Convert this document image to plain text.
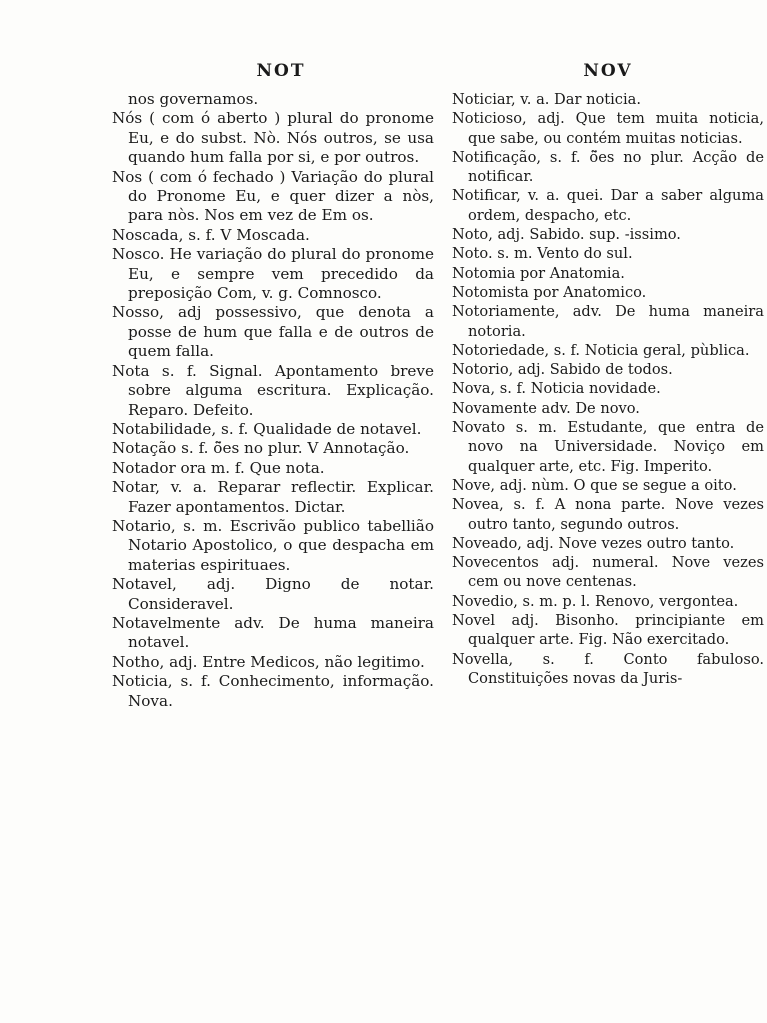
NOT
nos governamos.
Nós ( com ó aberto ) plural do pronome Eu, e do subst. Nò. Nós outros, se usa quando hum falla por si, e por outros.
Nos ( com ó fechado ) Variação do plural do Pronome Eu, e quer dizer a nòs, para nòs. Nos em vez de Em os.
Noscada, s. f. V Moscada.
Nosco. He variação do plural do pronome Eu, e sempre vem precedido da preposição Com, v. g. Comnosco.
Nosso, adj possessivo, que denota a posse de hum que falla e de outros de quem falla.
Nota s. f. Signal. Apontamento breve sobre alguma escritura. Explicação. Reparo. Defeito.
Notabilidade, s. f. Qualidade de notavel.
Notação s. f. õ̃es no plur. V Annotação.
Notador ora m. f. Que nota.
Notar, v. a. Reparar reflectir. Explicar. Fazer apontamentos. Dictar.
Notario, s. m. Escrivão publico tabellião Notario Apostolico, o que despacha em materias espirituaes.
Notavel, adj. Digno de notar. Consideravel.
Notavelmente adv. De huma maneira notavel.
Notho, adj. Entre Medicos, não legitimo.
Noticia, s. f. Conhecimento, informação. Nova.
NOV
Noticiar, v. a. Dar noticia.
Noticioso, adj. Que tem muita noticia, que sabe, ou contém muitas noticias.
Notificação, s. f. õ̃es no plur. Acção de notificar.
Notificar, v. a. quei. Dar a saber alguma ordem, despacho, etc.
Noto, adj. Sabido. sup. -issimo.
Noto. s. m. Vento do sul.
Notomia por Anatomia.
Notomista por Anatomico.
Notoriamente, adv. De huma maneira notoria.
Notoriedade, s. f. Noticia geral, pùblica.
Notorio, adj. Sabido de todos.
Nova, s. f. Noticia novidade.
Novamente adv. De novo.
Novato s. m. Estudante, que entra de novo na Universidade. Noviço em qualquer arte, etc. Fig. Imperito.
Nove, adj. nùm. O que se segue a oito.
Novea, s. f. A nona parte. Nove vezes outro tanto, segundo outros.
Noveado, adj. Nove vezes outro tanto.
Novecentos adj. numeral. Nove vezes cem ou nove centenas.
Novedio, s. m. p. l. Renovo, vergontea.
Novel adj. Bisonho. principiante em qualquer arte. Fig. Não exercitado.
Novella, s. f. Conto fabuloso. Constituições novas da Juris-
